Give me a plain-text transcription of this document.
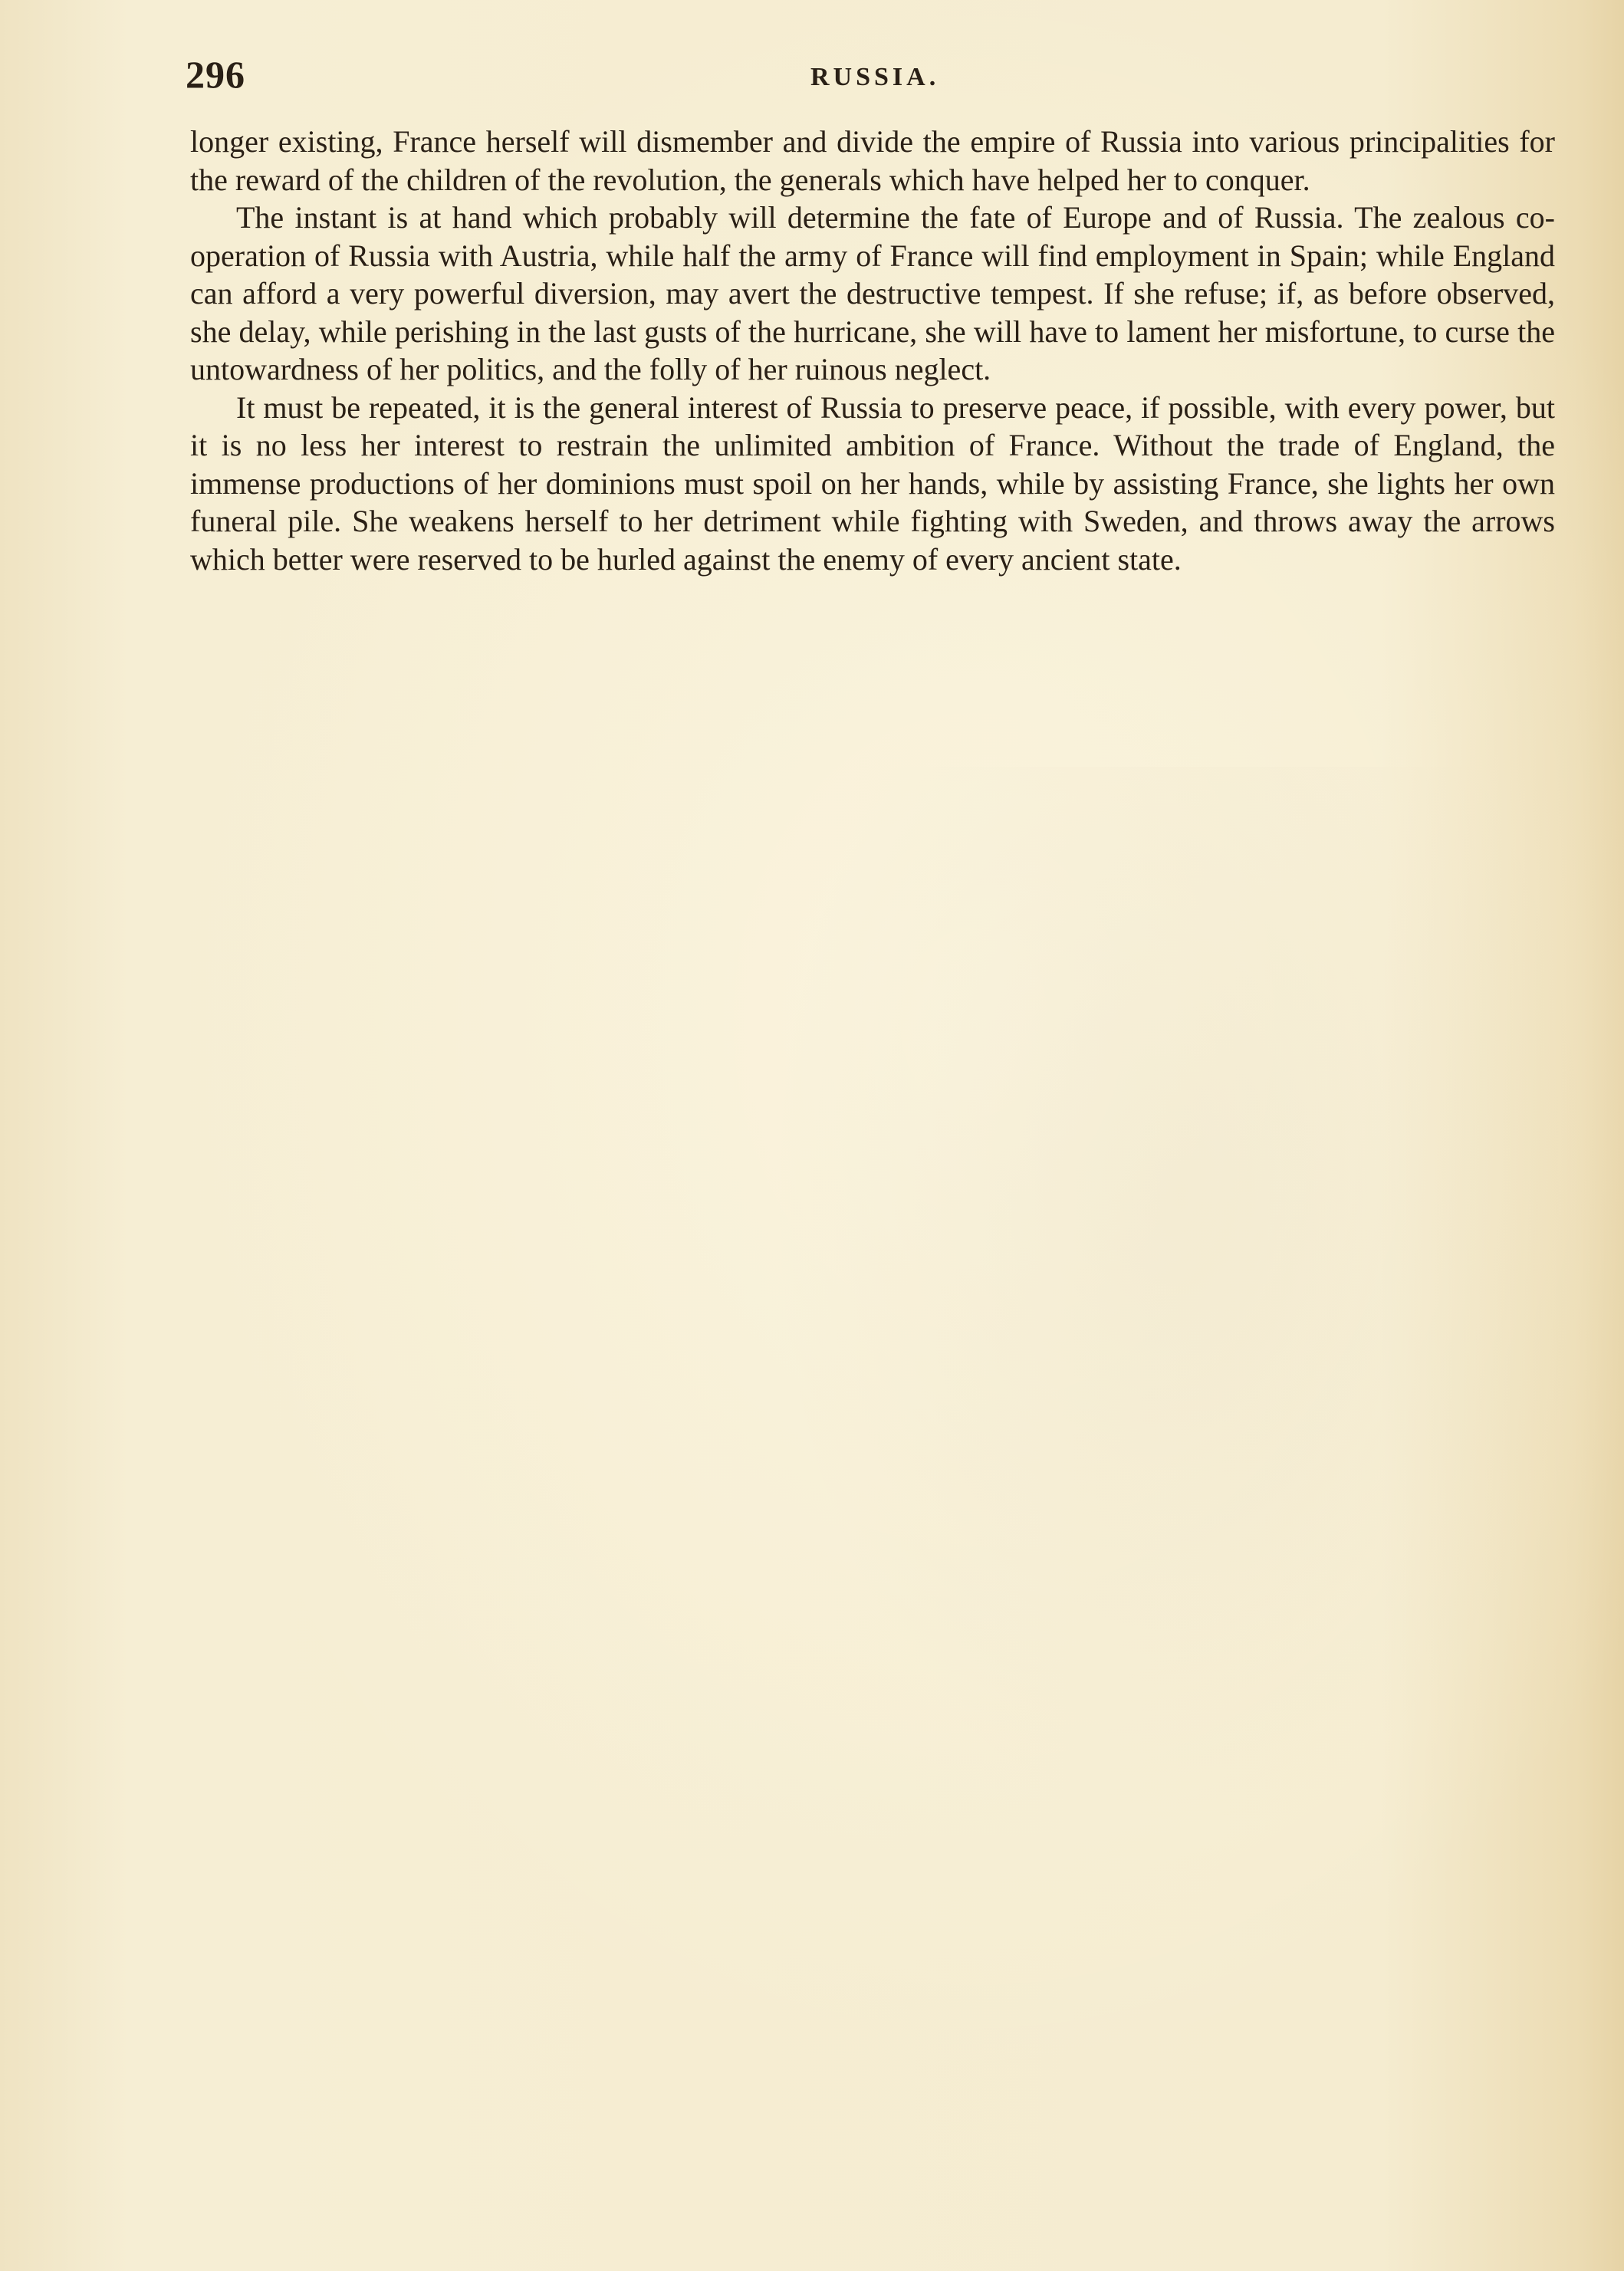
296	RUSSIA.

longer existing, France herself will dismember and divide the empire of Russia into various principalities for the reward of the children of the revolution, the generals which have helped her to conquer.

The instant is at hand which probably will determine the fate of Europe and of Russia. The zealous co-operation of Russia with Austria, while half the army of France will find employment in Spain; while England can afford a very powerful diversion, may avert the destructive tempest. If she refuse; if, as before observed, she delay, while perishing in the last gusts of the hurricane, she will have to lament her misfortune, to curse the untowardness of her politics, and the folly of her ruinous neglect.

It must be repeated, it is the general interest of Russia to preserve peace, if possible, with every power, but it is no less her interest to restrain the unlimited ambition of France. Without the trade of England, the immense productions of her dominions must spoil on her hands, while by assisting France, she lights her own funeral pile. She weakens herself to her detriment while fighting with Sweden, and throws away the arrows which better were reserved to be hurled against the enemy of every ancient state.
